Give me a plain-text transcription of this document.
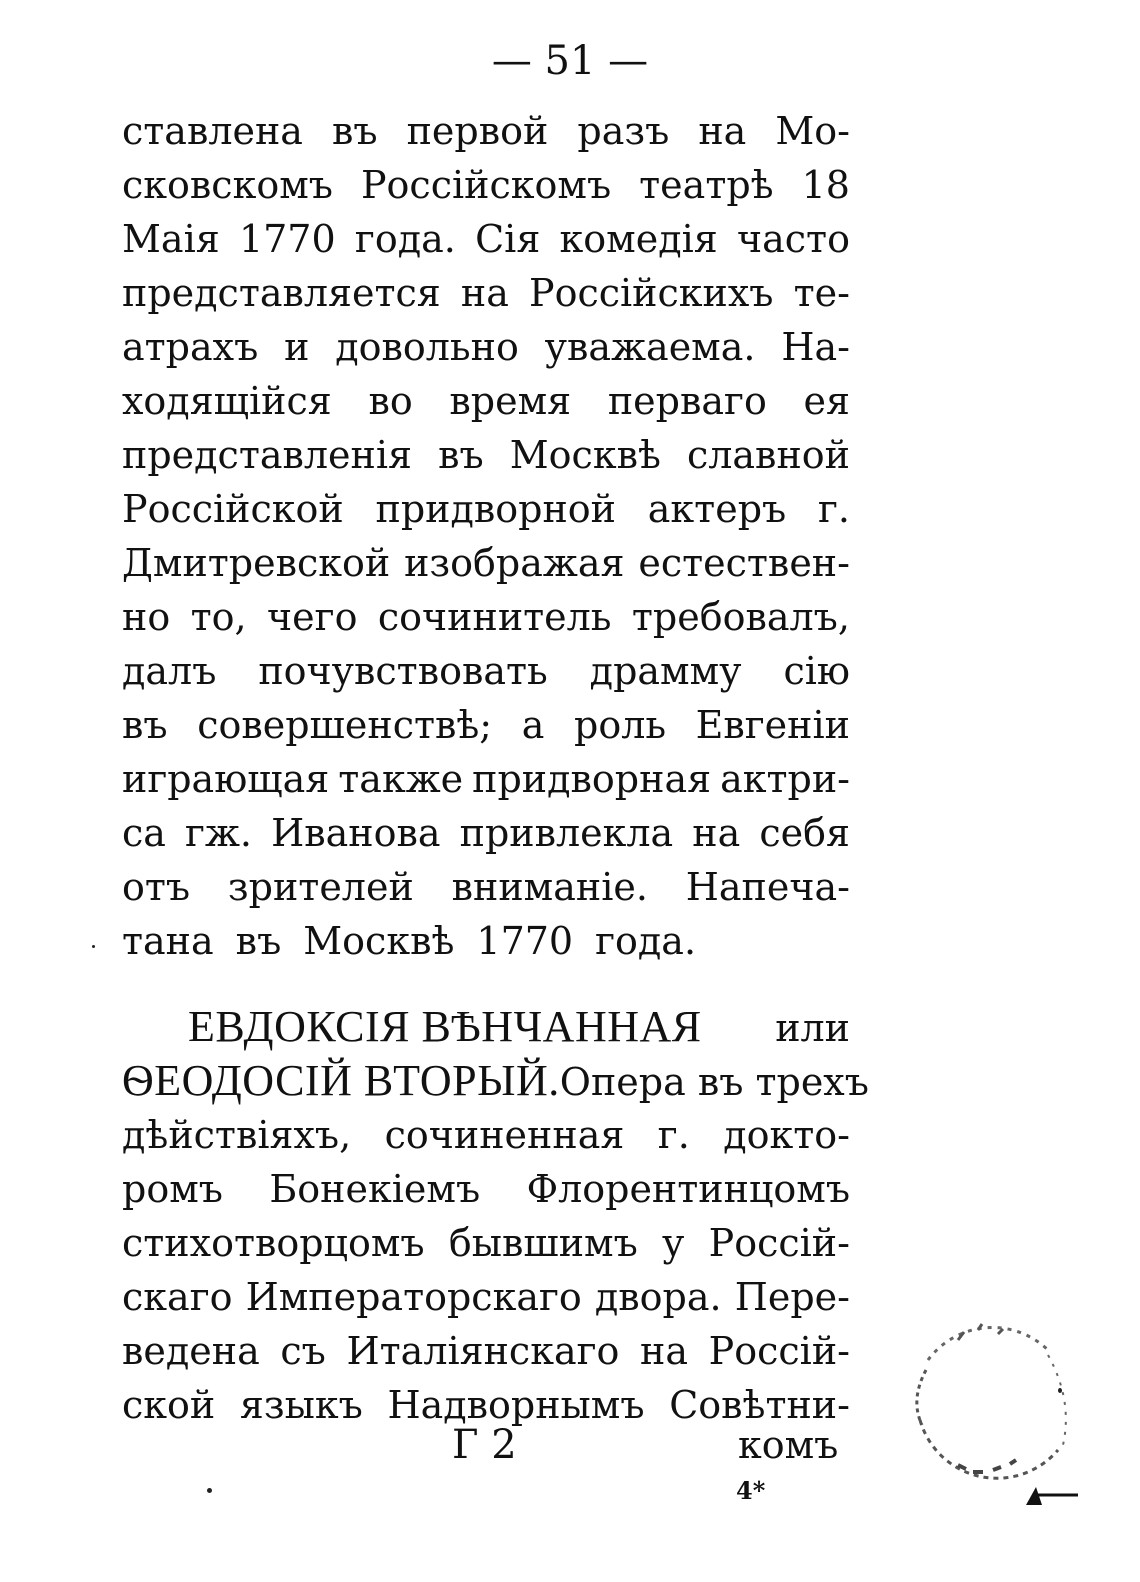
— 51 —
ставлена въ первой разъ на Мо-
сковскомъ Россійскомъ театрѣ 18
Маія 1770 года. Сія комедія часто
представляется на Россійскихъ те-
атрахъ и довольно уважаема. На-
ходящійся во время перваго ея
представленія въ Москвѣ славной
Россійской придворной актеръ г.
Дмитревской изображая естествен-
но то, чего сочинитель требовалъ,
далъ почувствовать драмму сію
въ совершенствѣ; а роль Евгеніи
играющая также придворная актри-
са гж. Иванова привлекла на себя
отъ зрителей вниманіе. Напеча-
тана въ Москвѣ 1770 года.
ЕВДОКСІЯ ВѢНЧАННАЯ или
ѲЕОДОСІЙ ВТОРЫЙ. Опера въ трехъ
дѣйствіяхъ, сочиненная г. докто-
ромъ Бонекіемъ Флорентинцомъ
стихотворцомъ бывшимъ у Россій-
скаго Императорскаго двора. Пере-
ведена съ Италіянскаго на Россій-
ской языкъ Надворнымъ Совѣтни-
Г 2	комъ
4*
